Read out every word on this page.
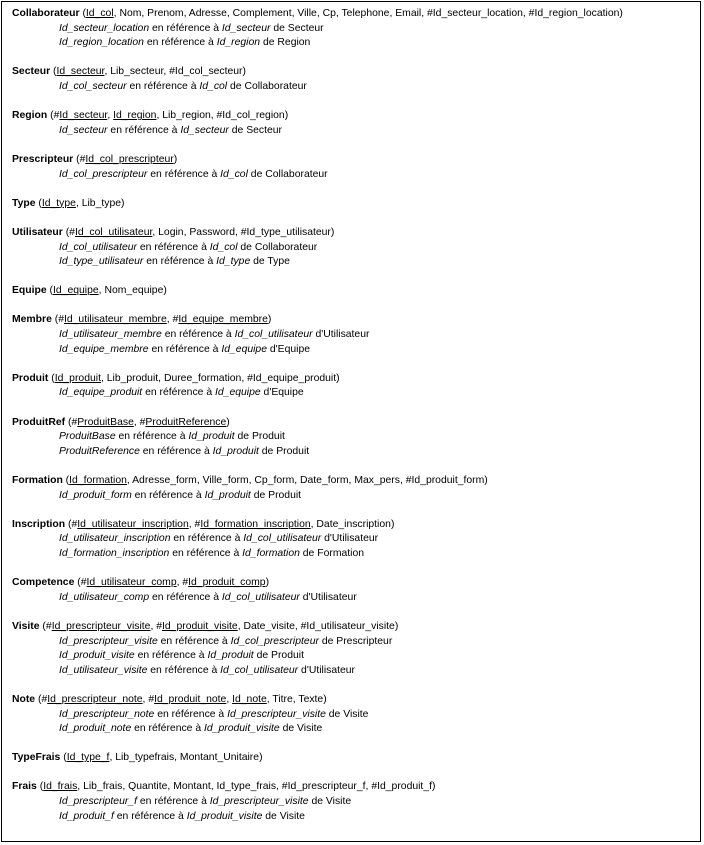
Collaborateur (Id_col, Nom, Prenom, Adresse, Complement, Ville, Cp, Telephone, Email, #Id_secteur_location, #Id_region_location)
Id_secteur_location en référence à Id_secteur de Secteur
Id_region_location en référence à Id_region de Region
Secteur (Id_secteur, Lib_secteur, #Id_col_secteur)
Id_col_secteur en référence à Id_col de Collaborateur
Region (#Id_secteur, Id_region, Lib_region, #Id_col_region)
Id_secteur en référence à Id_secteur de Secteur
Prescripteur (#Id_col_prescripteur)
Id_col_prescripteur en référence à Id_col de Collaborateur
Type (Id_type, Lib_type)
Utilisateur (#Id_col_utilisateur, Login, Password, #Id_type_utilisateur)
Id_col_utilisateur en référence à Id_col de Collaborateur
Id_type_utilisateur en référence à Id_type de Type
Equipe (Id_equipe, Nom_equipe)
Membre (#Id_utilisateur_membre, #Id_equipe_membre)
Id_utilisateur_membre en référence à Id_col_utilisateur d'Utilisateur
Id_equipe_membre en référence à Id_equipe d'Equipe
Produit (Id_produit, Lib_produit, Duree_formation, #Id_equipe_produit)
Id_equipe_produit en référence à Id_equipe d'Equipe
ProduitRef (#ProduitBase, #ProduitReference)
ProduitBase en référence à Id_produit de Produit
ProduitReference en référence à Id_produit de Produit
Formation (Id_formation, Adresse_form, Ville_form, Cp_form, Date_form, Max_pers, #Id_produit_form)
Id_produit_form en référence à Id_produit de Produit
Inscription (#Id_utilisateur_inscription, #Id_formation_inscription, Date_inscription)
Id_utilisateur_inscription en référence à Id_col_utilisateur d'Utilisateur
Id_formation_inscription en référence à Id_formation de Formation
Competence (#Id_utilisateur_comp, #Id_produit_comp)
Id_utilisateur_comp en référence à Id_col_utilisateur d'Utilisateur
Visite (#Id_prescripteur_visite, #Id_produit_visite, Date_visite, #Id_utilisateur_visite)
Id_prescripteur_visite en référence à Id_col_prescripteur de Prescripteur
Id_produit_visite en référence à Id_produit de Produit
Id_utilisateur_visite en référence à Id_col_utilisateur d'Utilisateur
Note (#Id_prescripteur_note, #Id_produit_note, Id_note, Titre, Texte)
Id_prescripteur_note en référence à Id_prescripteur_visite de Visite
Id_produit_note en référence à Id_produit_visite de Visite
TypeFrais (Id_type_f, Lib_typefrais, Montant_Unitaire)
Frais (Id_frais, Lib_frais, Quantite, Montant, Id_type_frais, #Id_prescripteur_f, #Id_produit_f)
Id_prescripteur_f en référence à Id_prescripteur_visite de Visite
Id_produit_f en référence à Id_produit_visite de Visite
